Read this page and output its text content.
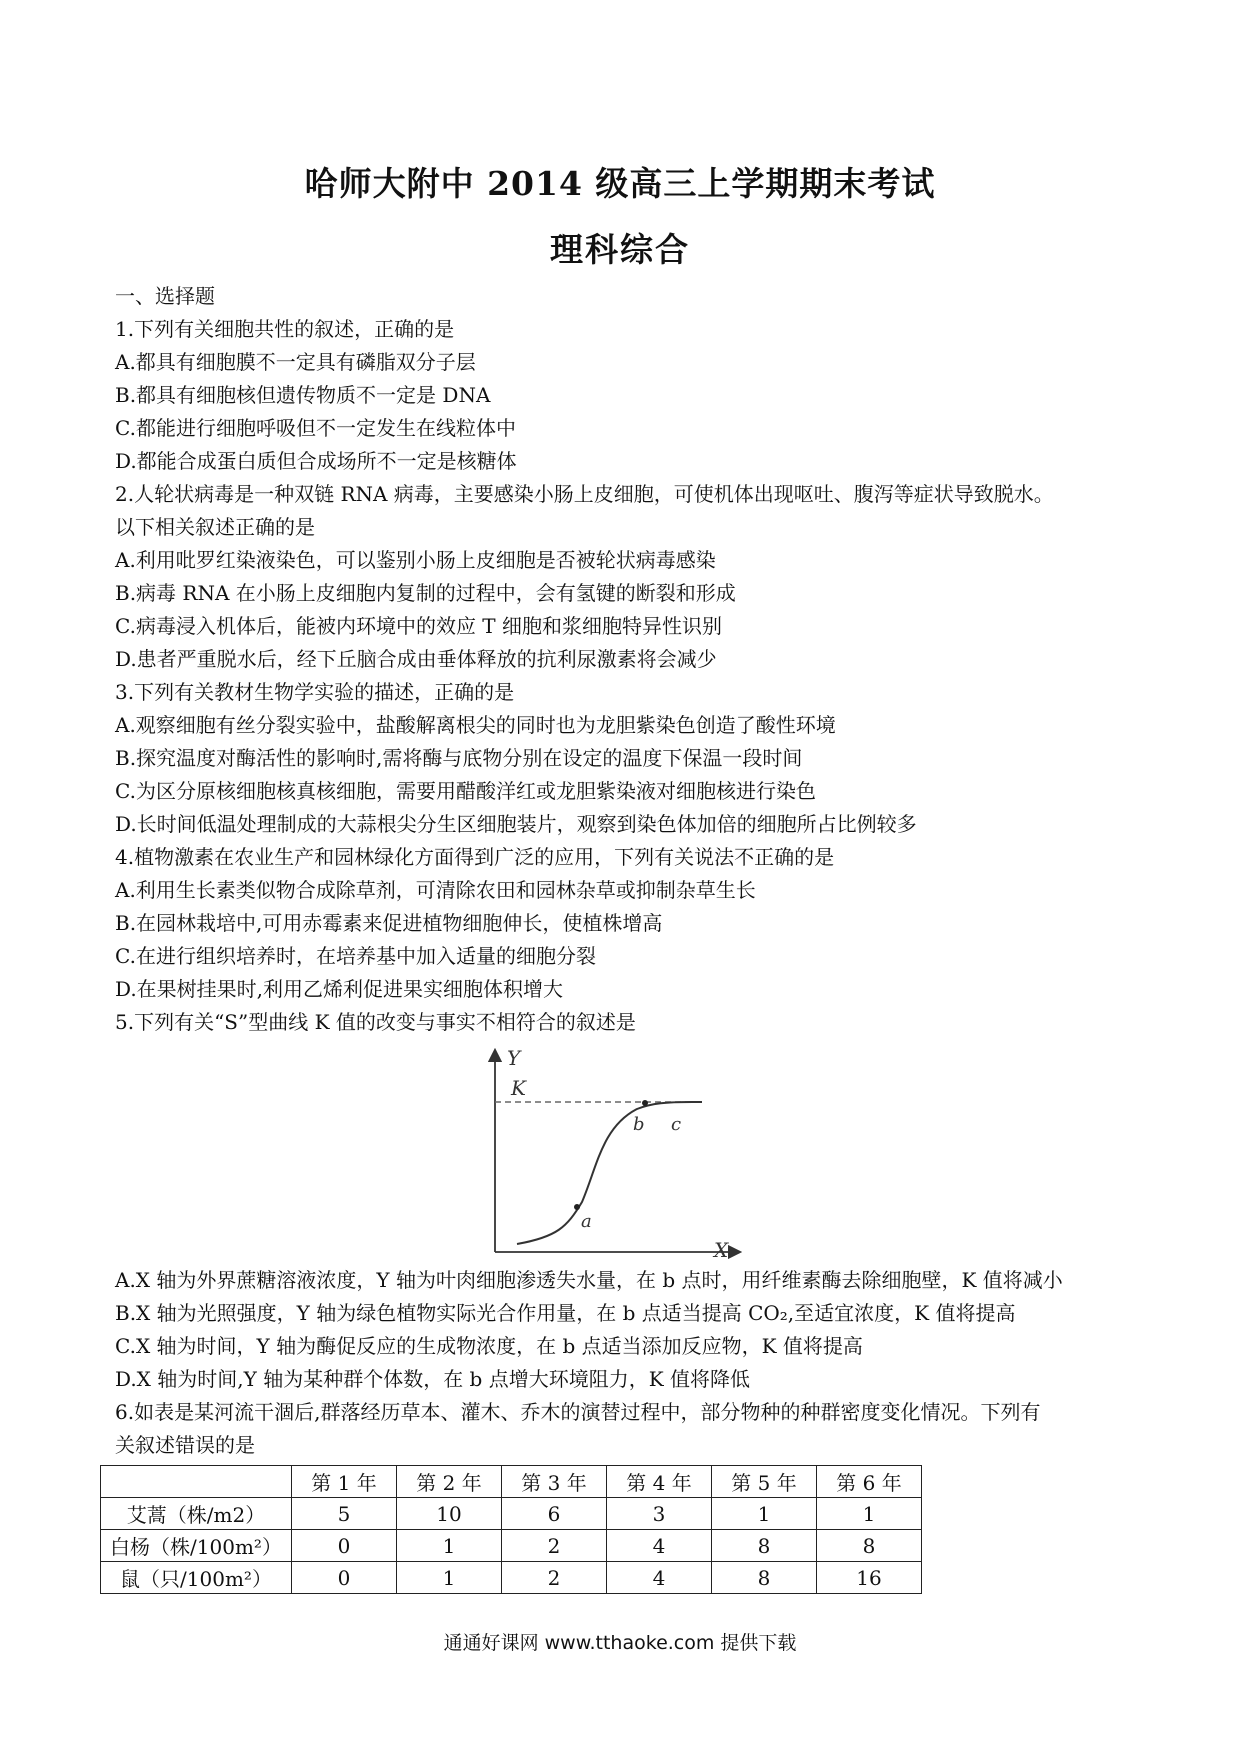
哈师大附中 2014 级高三上学期期末考试
理科综合
一、选择题
1.下列有关细胞共性的叙述，正确的是
A.都具有细胞膜不一定具有磷脂双分子层
B.都具有细胞核但遗传物质不一定是 DNA
C.都能进行细胞呼吸但不一定发生在线粒体中
D.都能合成蛋白质但合成场所不一定是核糖体
2.人轮状病毒是一种双链 RNA 病毒，主要感染小肠上皮细胞，可使机体出现呕吐、腹泻等症状导致脱水。
以下相关叙述正确的是
A.利用吡罗红染液染色，可以鉴别小肠上皮细胞是否被轮状病毒感染
B.病毒 RNA 在小肠上皮细胞内复制的过程中，会有氢键的断裂和形成
C.病毒浸入机体后，能被内环境中的效应 T 细胞和浆细胞特异性识别
D.患者严重脱水后，经下丘脑合成由垂体释放的抗利尿激素将会减少
3.下列有关教材生物学实验的描述，正确的是
A.观察细胞有丝分裂实验中，盐酸解离根尖的同时也为龙胆紫染色创造了酸性环境
B.探究温度对酶活性的影响时,需将酶与底物分别在设定的温度下保温一段时间
C.为区分原核细胞核真核细胞，需要用醋酸洋红或龙胆紫染液对细胞核进行染色
D.长时间低温处理制成的大蒜根尖分生区细胞装片，观察到染色体加倍的细胞所占比例较多
4.植物激素在农业生产和园林绿化方面得到广泛的应用，下列有关说法不正确的是
A.利用生长素类似物合成除草剂，可清除农田和园林杂草或抑制杂草生长
B.在园林栽培中,可用赤霉素来促进植物细胞伸长，使植株增高
C.在进行组织培养时，在培养基中加入适量的细胞分裂
D.在果树挂果时,利用乙烯利促进果实细胞体积增大
5.下列有关“S”型曲线 K 值的改变与事实不相符合的叙述是
Y
X
K
a
b c
A.X 轴为外界蔗糖溶液浓度，Y 轴为叶肉细胞渗透失水量，在 b 点时，用纤维素酶去除细胞壁，K 值将减小
B.X 轴为光照强度，Y 轴为绿色植物实际光合作用量，在 b 点适当提高 CO₂,至适宜浓度，K 值将提高
C.X 轴为时间，Y 轴为酶促反应的生成物浓度，在 b 点适当添加反应物，K 值将提高
D.X 轴为时间,Y 轴为某种群个体数，在 b 点增大环境阻力，K 值将降低
6.如表是某河流干涸后,群落经历草本、灌木、乔木的演替过程中，部分物种的种群密度变化情况。下列有
关叙述错误的是
	第 1 年	第 2 年	第 3 年	第 4 年	第 5 年	第 6 年
艾蒿（株/m2）	5	10	6	3	1	1
白杨（株/100m²）	0	1	2	4	8	8
鼠（只/100m²）	0	1	2	4	8	16
通通好课网 www.tthaoke.com 提供下载
